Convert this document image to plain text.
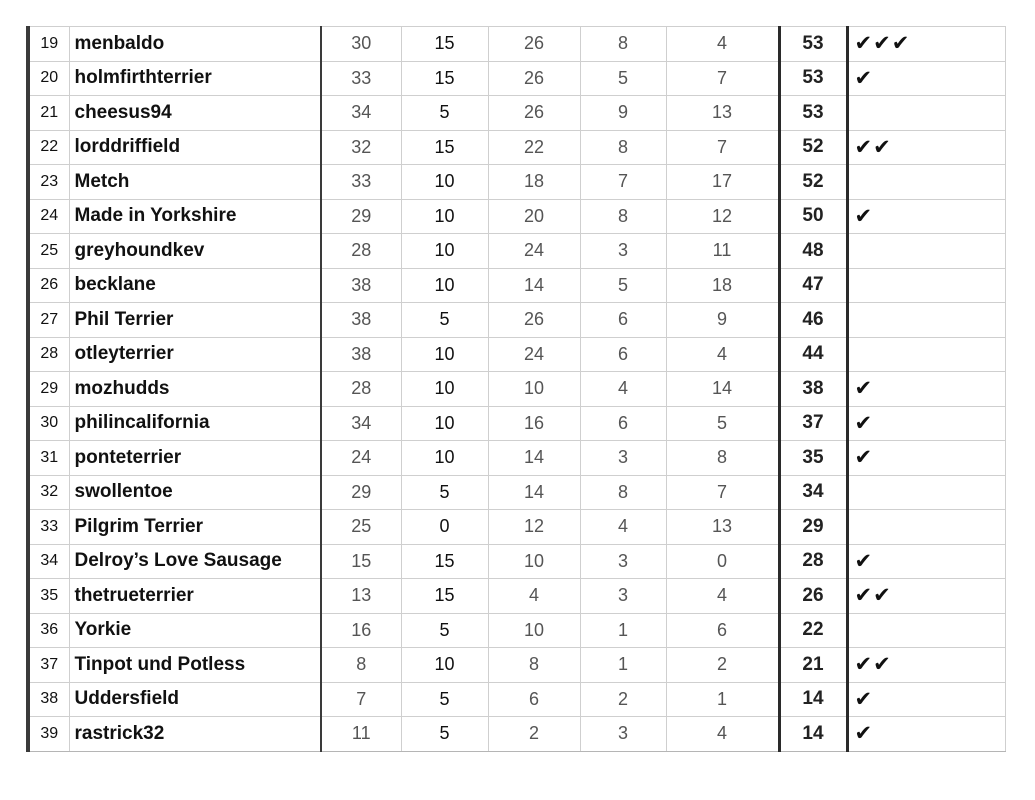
19	menbaldo	30	15	26	8	4	53	✔✔✔
20	holmfirthterrier	33	15	26	5	7	53	✔
21	cheesus94	34	5	26	9	13	53	
22	lorddriffield	32	15	22	8	7	52	✔✔
23	Metch	33	10	18	7	17	52	
24	Made in Yorkshire	29	10	20	8	12	50	✔
25	greyhoundkev	28	10	24	3	11	48	
26	becklane	38	10	14	5	18	47	
27	Phil Terrier	38	5	26	6	9	46	
28	otleyterrier	38	10	24	6	4	44	
29	mozhudds	28	10	10	4	14	38	✔
30	philincalifornia	34	10	16	6	5	37	✔
31	ponteterrier	24	10	14	3	8	35	✔
32	swollentoe	29	5	14	8	7	34	
33	Pilgrim Terrier	25	0	12	4	13	29	
34	Delroy’s Love Sausage	15	15	10	3	0	28	✔
35	thetrueterrier	13	15	4	3	4	26	✔✔
36	Yorkie	16	5	10	1	6	22	
37	Tinpot und Potless	8	10	8	1	2	21	✔✔
38	Uddersfield	7	5	6	2	1	14	✔
39	rastrick32	11	5	2	3	4	14	✔
